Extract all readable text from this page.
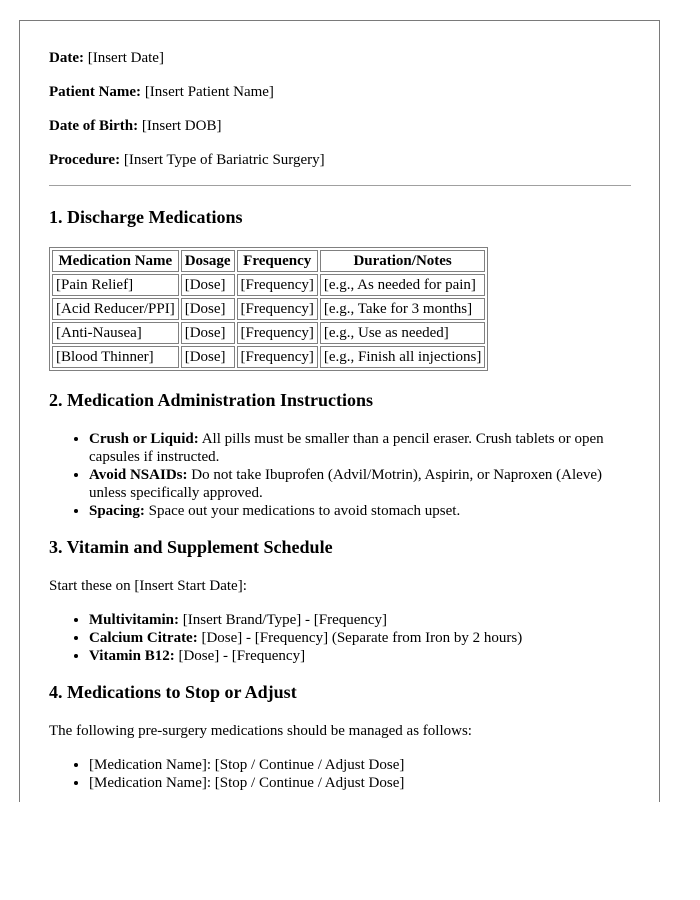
Date: [Insert Date]

Patient Name: [Insert Patient Name]

Date of Birth: [Insert DOB]

Procedure: [Insert Type of Bariatric Surgery]

1. Discharge Medications
Medication Name	Dosage	Frequency	Duration/Notes
[Pain Relief]	[Dose]	[Frequency]	[e.g., As needed for pain]
[Acid Reducer/PPI]	[Dose]	[Frequency]	[e.g., Take for 3 months]
[Anti-Nausea]	[Dose]	[Frequency]	[e.g., Use as needed]
[Blood Thinner]	[Dose]	[Frequency]	[e.g., Finish all injections]
2. Medication Administration Instructions
• Crush or Liquid: All pills must be smaller than a pencil eraser. Crush tablets or open capsules if instructed.
• Avoid NSAIDs: Do not take Ibuprofen (Advil/Motrin), Aspirin, or Naproxen (Aleve) unless specifically approved.
• Spacing: Space out your medications to avoid stomach upset.
3. Vitamin and Supplement Schedule

Start these on [Insert Start Date]:

• Multivitamin: [Insert Brand/Type] - [Frequency]
• Calcium Citrate: [Dose] - [Frequency] (Separate from Iron by 2 hours)
• Vitamin B12: [Dose] - [Frequency]
4. Medications to Stop or Adjust

The following pre-surgery medications should be managed as follows:

• [Medication Name]: [Stop / Continue / Adjust Dose]
• [Medication Name]: [Stop / Continue / Adjust Dose]
